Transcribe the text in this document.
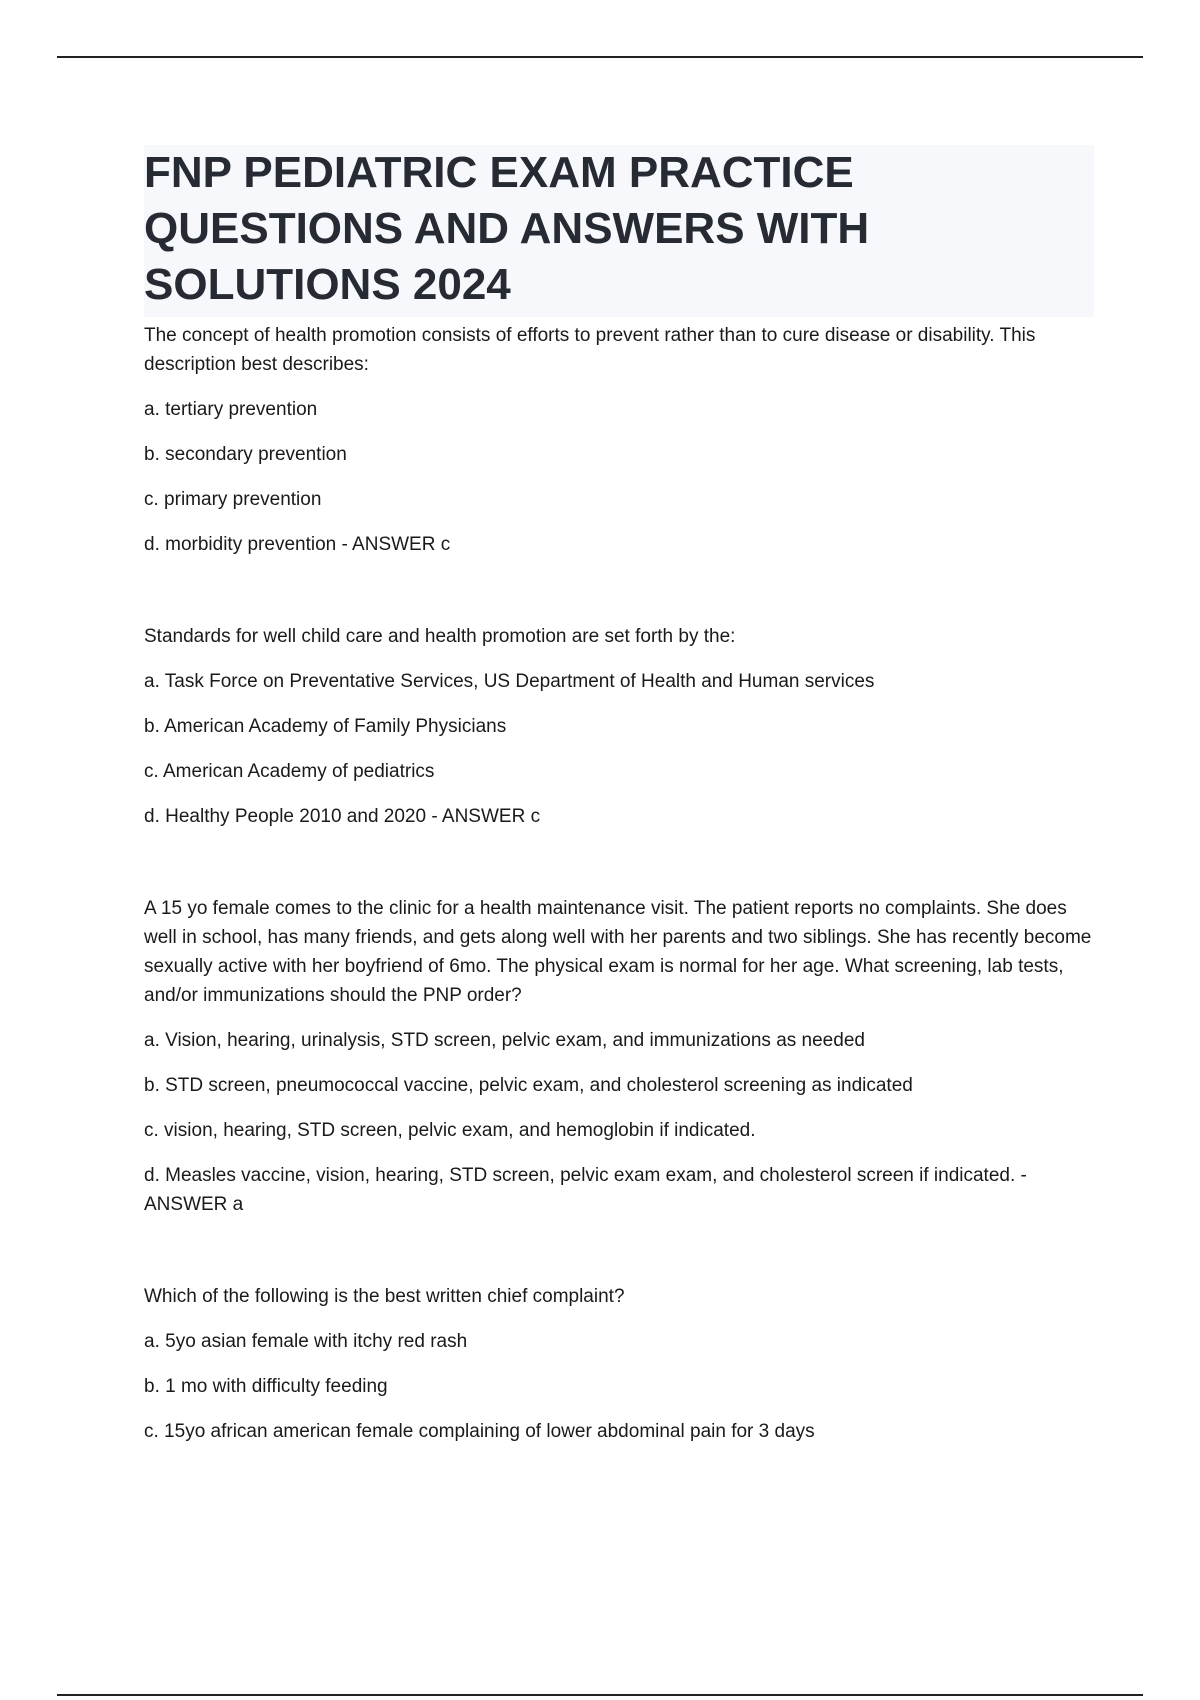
FNP PEDIATRIC EXAM PRACTICE QUESTIONS AND ANSWERS WITH SOLUTIONS 2024

The concept of health promotion consists of efforts to prevent rather than to cure disease or disability. This description best describes:

a. tertiary prevention

b. secondary prevention

c. primary prevention

d. morbidity prevention - ANSWER c

Standards for well child care and health promotion are set forth by the:

a. Task Force on Preventative Services, US Department of Health and Human services

b. American Academy of Family Physicians

c. American Academy of pediatrics

d. Healthy People 2010 and 2020 - ANSWER c

A 15 yo female comes to the clinic for a health maintenance visit. The patient reports no complaints. She does well in school, has many friends, and gets along well with her parents and two siblings. She has recently become sexually active with her boyfriend of 6mo. The physical exam is normal for her age. What screening, lab tests, and/or immunizations should the PNP order?

a. Vision, hearing, urinalysis, STD screen, pelvic exam, and immunizations as needed

b. STD screen, pneumococcal vaccine, pelvic exam, and cholesterol screening as indicated

c. vision, hearing, STD screen, pelvic exam, and hemoglobin if indicated.

d. Measles vaccine, vision, hearing, STD screen, pelvic exam exam, and cholesterol screen if indicated. - ANSWER a

Which of the following is the best written chief complaint?

a. 5yo asian female with itchy red rash

b. 1 mo with difficulty feeding

c. 15yo african american female complaining of lower abdominal pain for 3 days
